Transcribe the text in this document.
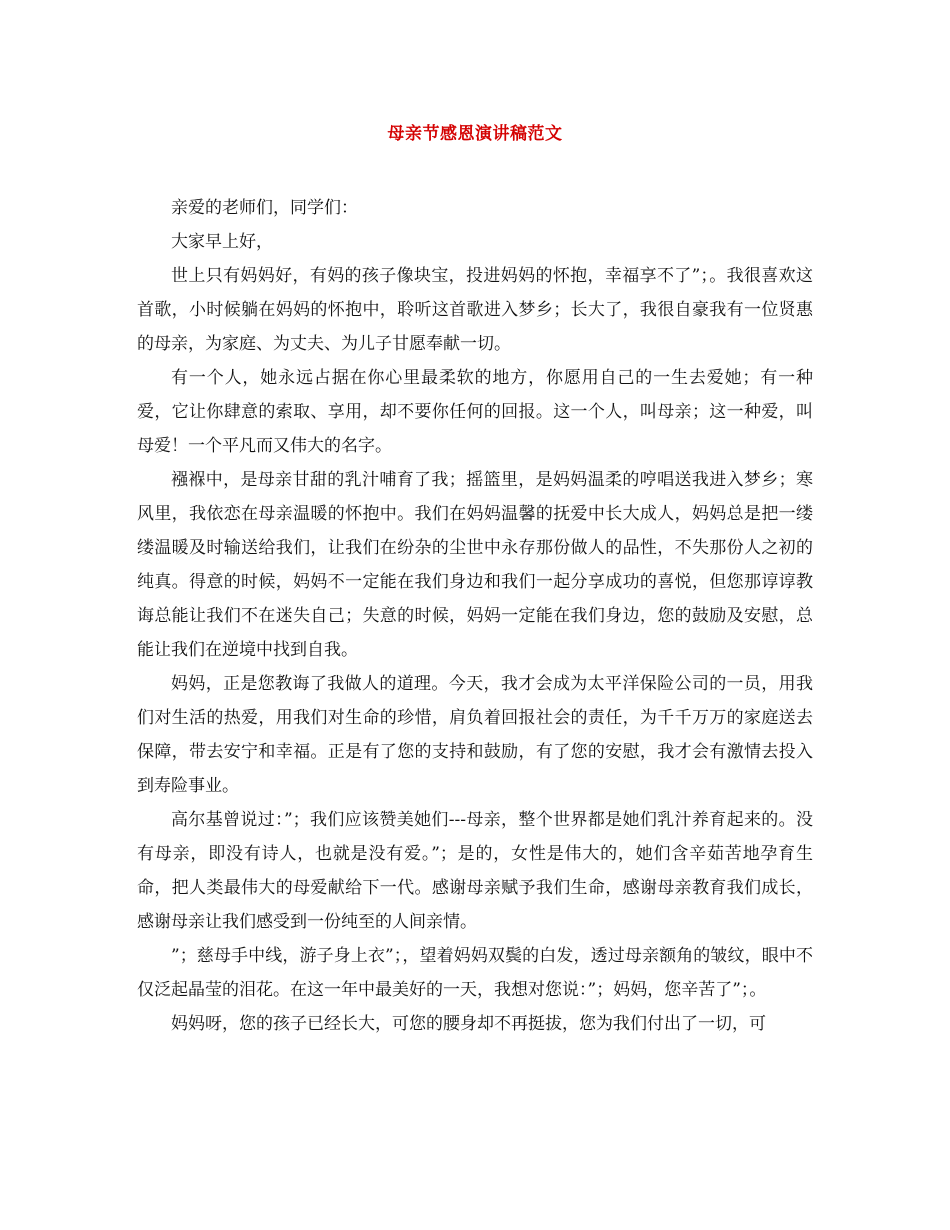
母亲节感恩演讲稿范文

亲爱的老师们，同学们：

大家早上好，

世上只有妈妈好，有妈的孩子像块宝，投进妈妈的怀抱，幸福享不了”；。我很喜欢这首歌，小时候躺在妈妈的怀抱中，聆听这首歌进入梦乡；长大了，我很自豪我有一位贤惠的母亲，为家庭、为丈夫、为儿子甘愿奉献一切。

有一个人，她永远占据在你心里最柔软的地方，你愿用自己的一生去爱她；有一种爱，它让你肆意的索取、享用，却不要你任何的回报。这一个人，叫母亲；这一种爱，叫母爱！一个平凡而又伟大的名字。

襁褓中，是母亲甘甜的乳汁哺育了我；摇篮里，是妈妈温柔的哼唱送我进入梦乡；寒风里，我依恋在母亲温暖的怀抱中。我们在妈妈温馨的抚爱中长大成人，妈妈总是把一缕缕温暖及时输送给我们，让我们在纷杂的尘世中永存那份做人的品性，不失那份人之初的纯真。得意的时候，妈妈不一定能在我们身边和我们一起分享成功的喜悦，但您那谆谆教诲总能让我们不在迷失自己；失意的时候，妈妈一定能在我们身边，您的鼓励及安慰，总能让我们在逆境中找到自我。

妈妈，正是您教诲了我做人的道理。今天，我才会成为太平洋保险公司的一员，用我们对生活的热爱，用我们对生命的珍惜，肩负着回报社会的责任，为千千万万的家庭送去保障，带去安宁和幸福。正是有了您的支持和鼓励，有了您的安慰，我才会有激情去投入到寿险事业。

高尔基曾说过：”；我们应该赞美她们---母亲，整个世界都是她们乳汁养育起来的。没有母亲，即没有诗人，也就是没有爱。”；是的，女性是伟大的，她们含辛茹苦地孕育生命，把人类最伟大的母爱献给下一代。感谢母亲赋予我们生命，感谢母亲教育我们成长，感谢母亲让我们感受到一份纯至的人间亲情。

”；慈母手中线，游子身上衣”；，望着妈妈双鬓的白发，透过母亲额角的皱纹，眼中不仅泛起晶莹的泪花。在这一年中最美好的一天，我想对您说：”；妈妈，您辛苦了”；。

妈妈呀，您的孩子已经长大，可您的腰身却不再挺拔，您为我们付出了一切，可
